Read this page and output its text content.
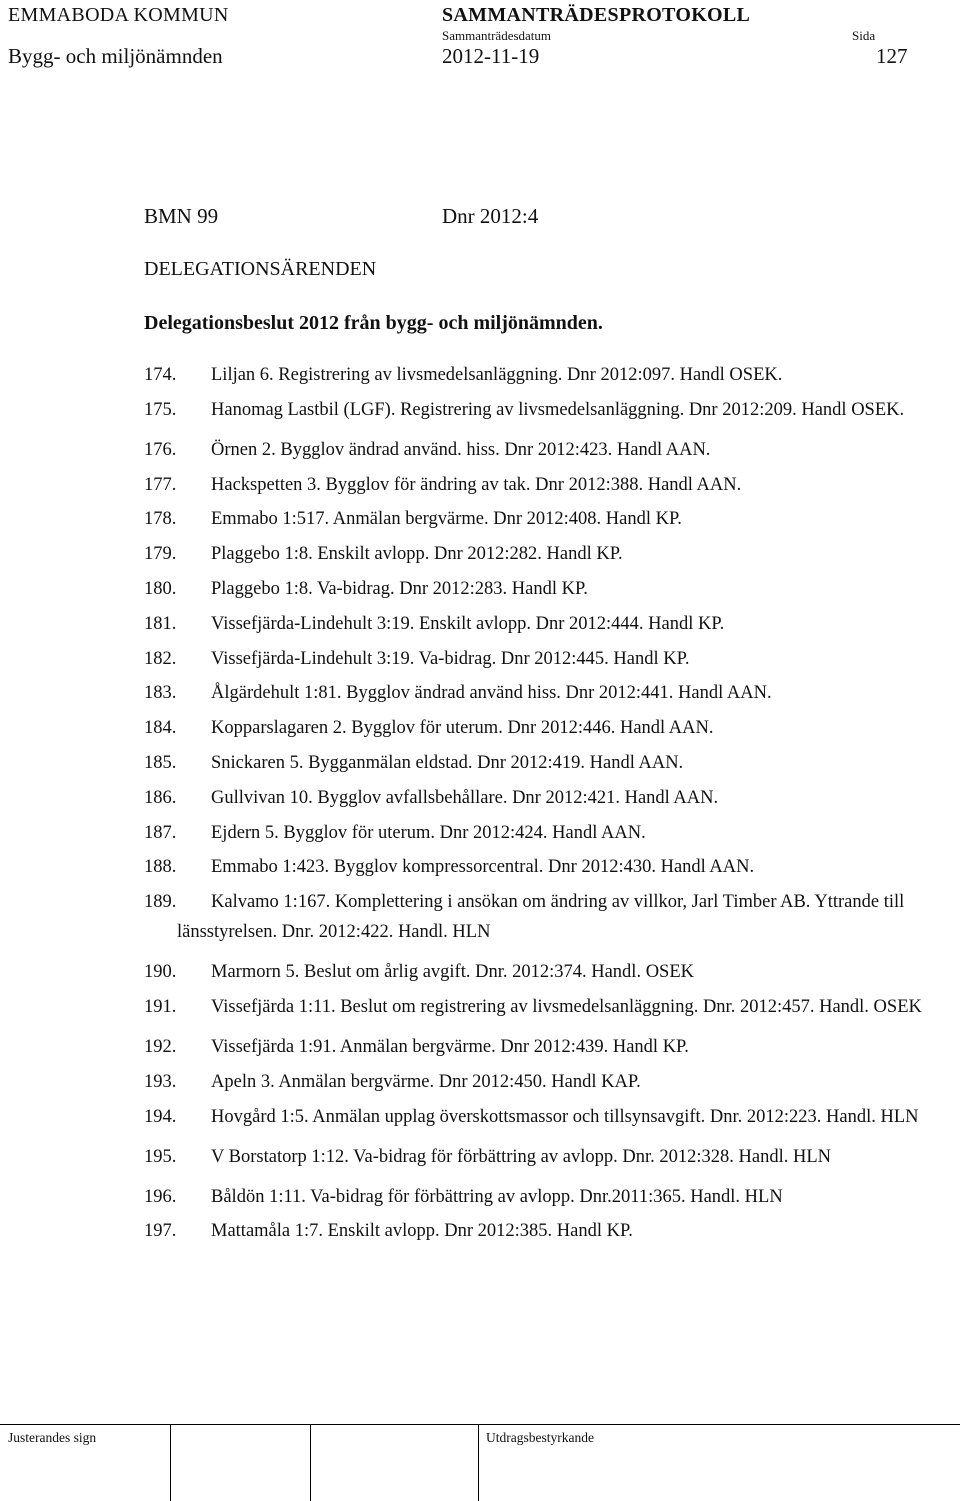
EMMABODA KOMMUN
Bygg- och miljönämnden
SAMMANTRÄDESPROTOKOLL
Sammanträdesdatum
2012-11-19
Sida
127
BMN 99	Dnr 2012:4
DELEGATIONSÄRENDEN
Delegationsbeslut 2012 från bygg- och miljönämnden.
174. Liljan 6. Registrering av livsmedelsanläggning. Dnr 2012:097. Handl OSEK.
175. Hanomag Lastbil (LGF). Registrering av livsmedelsanläggning. Dnr 2012:209. Handl OSEK.
176. Örnen 2. Bygglov ändrad använd. hiss. Dnr 2012:423. Handl AAN.
177. Hackspetten 3. Bygglov för ändring av tak. Dnr 2012:388. Handl AAN.
178. Emmabo 1:517. Anmälan bergvärme. Dnr 2012:408. Handl KP.
179. Plaggebo 1:8. Enskilt avlopp. Dnr 2012:282. Handl KP.
180. Plaggebo 1:8. Va-bidrag. Dnr 2012:283. Handl KP.
181. Vissefjärda-Lindehult 3:19. Enskilt avlopp. Dnr 2012:444. Handl KP.
182. Vissefjärda-Lindehult 3:19. Va-bidrag. Dnr 2012:445. Handl KP.
183. Ålgärdehult 1:81. Bygglov ändrad använd hiss. Dnr 2012:441. Handl AAN.
184. Kopparslagaren 2. Bygglov för uterum. Dnr 2012:446. Handl AAN.
185. Snickaren 5. Bygganmälan eldstad. Dnr 2012:419. Handl AAN.
186. Gullvivan 10. Bygglov avfallsbehållare. Dnr 2012:421. Handl AAN.
187. Ejdern 5. Bygglov för uterum. Dnr 2012:424. Handl AAN.
188. Emmabo 1:423. Bygglov kompressorcentral. Dnr 2012:430. Handl AAN.
189. Kalvamo 1:167. Komplettering i ansökan om ändring av villkor, Jarl Timber AB. Yttrande till länsstyrelsen. Dnr. 2012:422. Handl. HLN
190. Marmorn 5. Beslut om årlig avgift. Dnr. 2012:374. Handl. OSEK
191. Vissefjärda 1:11. Beslut om registrering av livsmedelsanläggning. Dnr. 2012:457. Handl. OSEK
192. Vissefjärda 1:91. Anmälan bergvärme. Dnr 2012:439. Handl KP.
193. Apeln 3. Anmälan bergvärme. Dnr 2012:450. Handl KAP.
194. Hovgård 1:5. Anmälan upplag överskottsmassor och tillsynsavgift. Dnr. 2012:223. Handl. HLN
195. V Borstatorp 1:12. Va-bidrag för förbättring av avlopp. Dnr. 2012:328. Handl. HLN
196. Båldön 1:11. Va-bidrag för förbättring av avlopp. Dnr.2011:365. Handl. HLN
197. Mattamåla 1:7. Enskilt avlopp. Dnr 2012:385. Handl KP.
Justerandes sign	Utdragsbestyrkande
